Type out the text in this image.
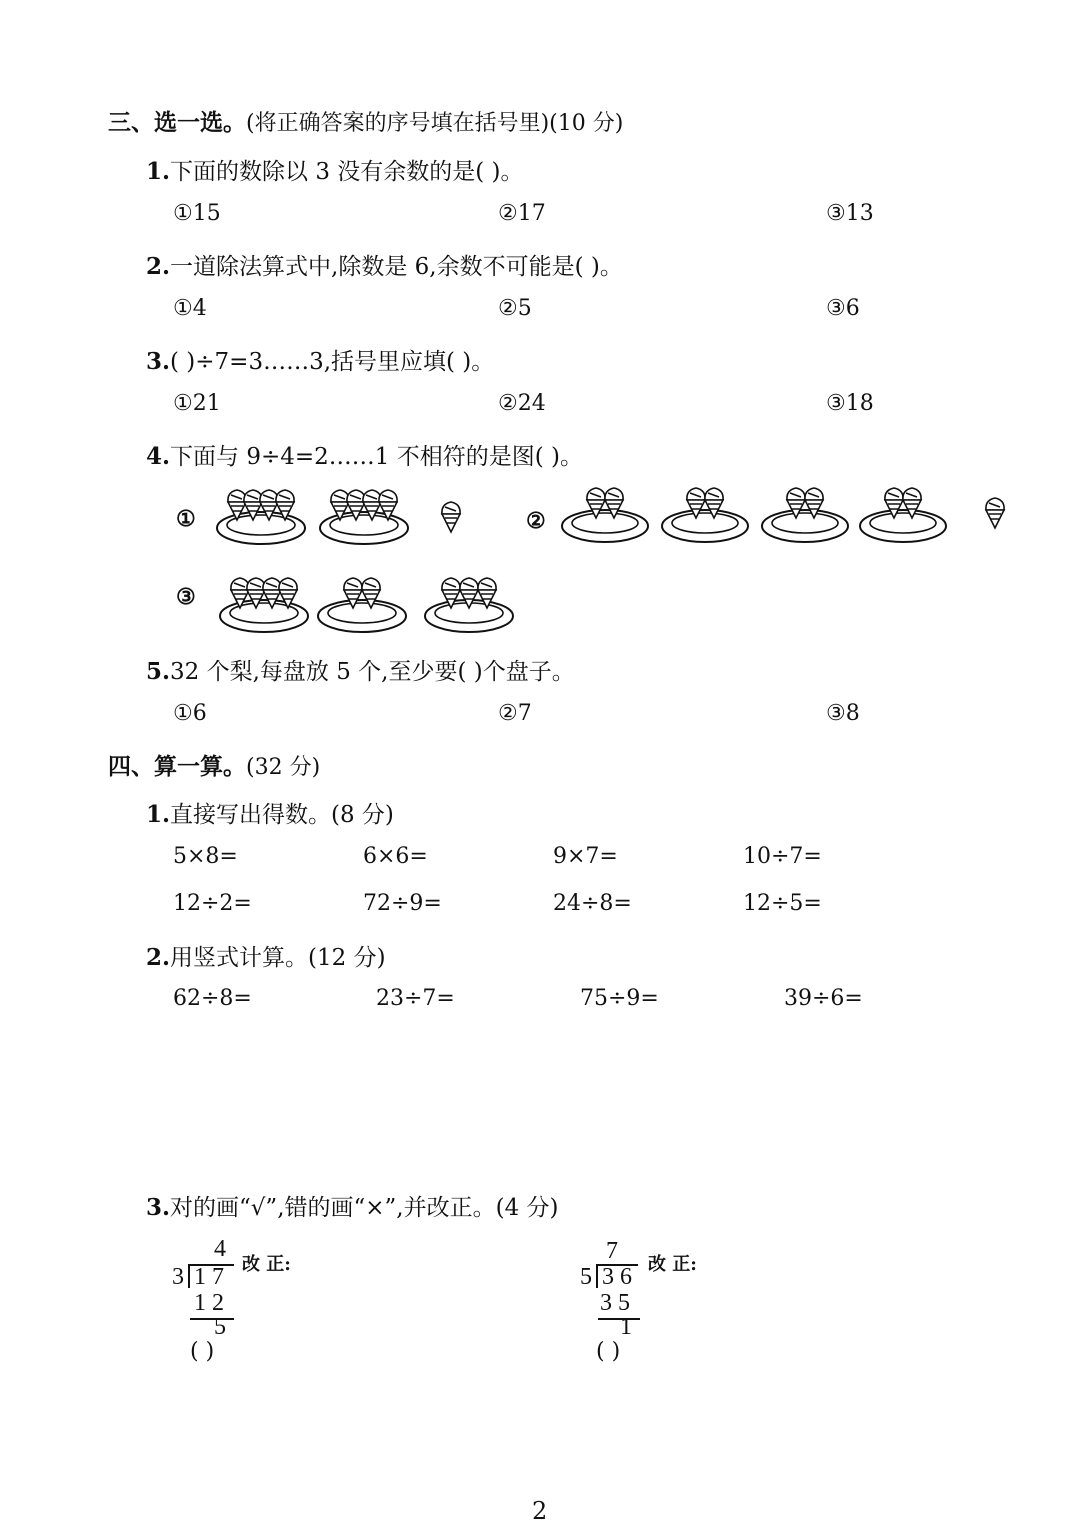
三、选一选。(将正确答案的序号填在括号里)(10 分)
1.下面的数除以 3 没有余数的是( )。
①15	②17	③13
2.一道除法算式中,除数是 6,余数不可能是( )。
①4	②5	③6
3.( )÷7=3……3,括号里应填( )。
①21	②24	③18
4.下面与 9÷4=2……1 不相符的是图( )。
①	②
③
5.32 个梨,每盘放 5 个,至少要( )个盘子。
①6	②7	③8
四、算一算。(32 分)
1.直接写出得数。(8 分)
5×8=	6×6=	9×7=	10÷7=
12÷2=	72÷9=	24÷8=	12÷5=
2.用竖式计算。(12 分)
62÷8=	23÷7=	75÷9=	39÷6=
3.对的画“√”,错的画“×”,并改正。(4 分)
4
3 1 7
1 2
5
改 正:
( )
7
5 3 6
3 5
1
改 正:
( )
2
